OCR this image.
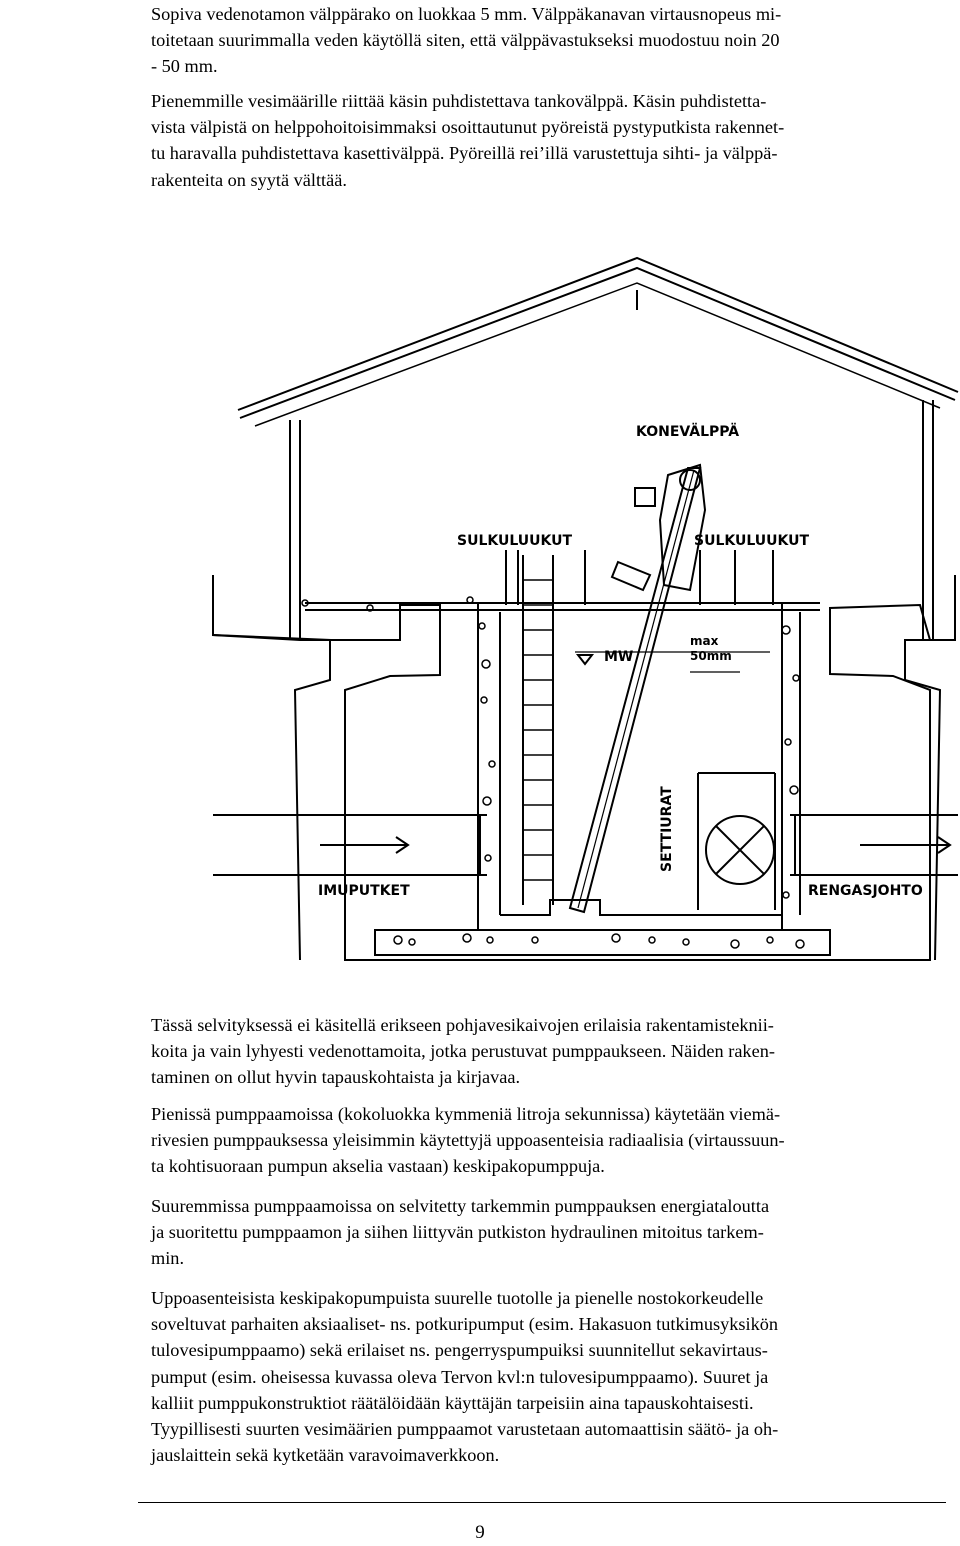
Sopiva vedenotamon välppärako on luokkaa 5 mm. Välppäkanavan virtausnopeus mi-
toitetaan suurimmalla veden käytöllä siten, että välppävastukseksi muodostuu noin 20
- 50 mm.

Pienemmille vesimäärille riittää käsin puhdistettava tankovälppä. Käsin puhdistetta-
vista välpistä on helppohoitoisimmaksi osoittautunut pyöreistä pystyputkista rakennet-
tu haravalla puhdistettava kasettivälppä. Pyöreillä rei’illä varustettuja sihti- ja välppä-
rakenteita on syytä välttää.

KONEVÄLPPÄ
SULKULUUKUT	SULKULUUKUT
max
50mm
MW
SETTIURAT
IMUPUTKET	RENGASJOHTO

Tässä selvityksessä ei käsitellä erikseen pohjavesikaivojen erilaisia rakentamisteknii-
koita ja vain lyhyesti vedenottamoita, jotka perustuvat pumppaukseen. Näiden raken-
taminen on ollut hyvin tapauskohtaista ja kirjavaa.

Pienissä pumppaamoissa (kokoluokka kymmeniä litroja sekunnissa) käytetään viemä-
rivesien pumppauksessa yleisimmin käytettyjä uppoasenteisia radiaalisia (virtaussuun-
ta kohtisuoraan pumpun akselia vastaan) keskipakopumppuja.

Suuremmissa pumppaamoissa on selvitetty tarkemmin pumppauksen energiataloutta
ja suoritettu pumppaamon ja siihen liittyvän putkiston hydraulinen mitoitus tarkem-
min.

Uppoasenteisista keskipakopumpuista suurelle tuotolle ja pienelle nostokorkeudelle
soveltuvat parhaiten aksiaaliset- ns. potkuripumput (esim. Hakasuon tutkimusyksikön
tulovesipumppaamo) sekä erilaiset ns. pengerryspumpuiksi suunnitellut sekavirtaus-
pumput (esim. oheisessa kuvassa oleva Tervon kvl:n tulovesipumppaamo). Suuret ja
kalliit pumppukonstruktiot räätälöidään käyttäjän tarpeisiin aina tapauskohtaisesti.
Tyypillisesti suurten vesimäärien pumppaamot varustetaan automaattisin säätö- ja oh-
jauslaittein sekä kytketään varavoimaverkkoon.

9
